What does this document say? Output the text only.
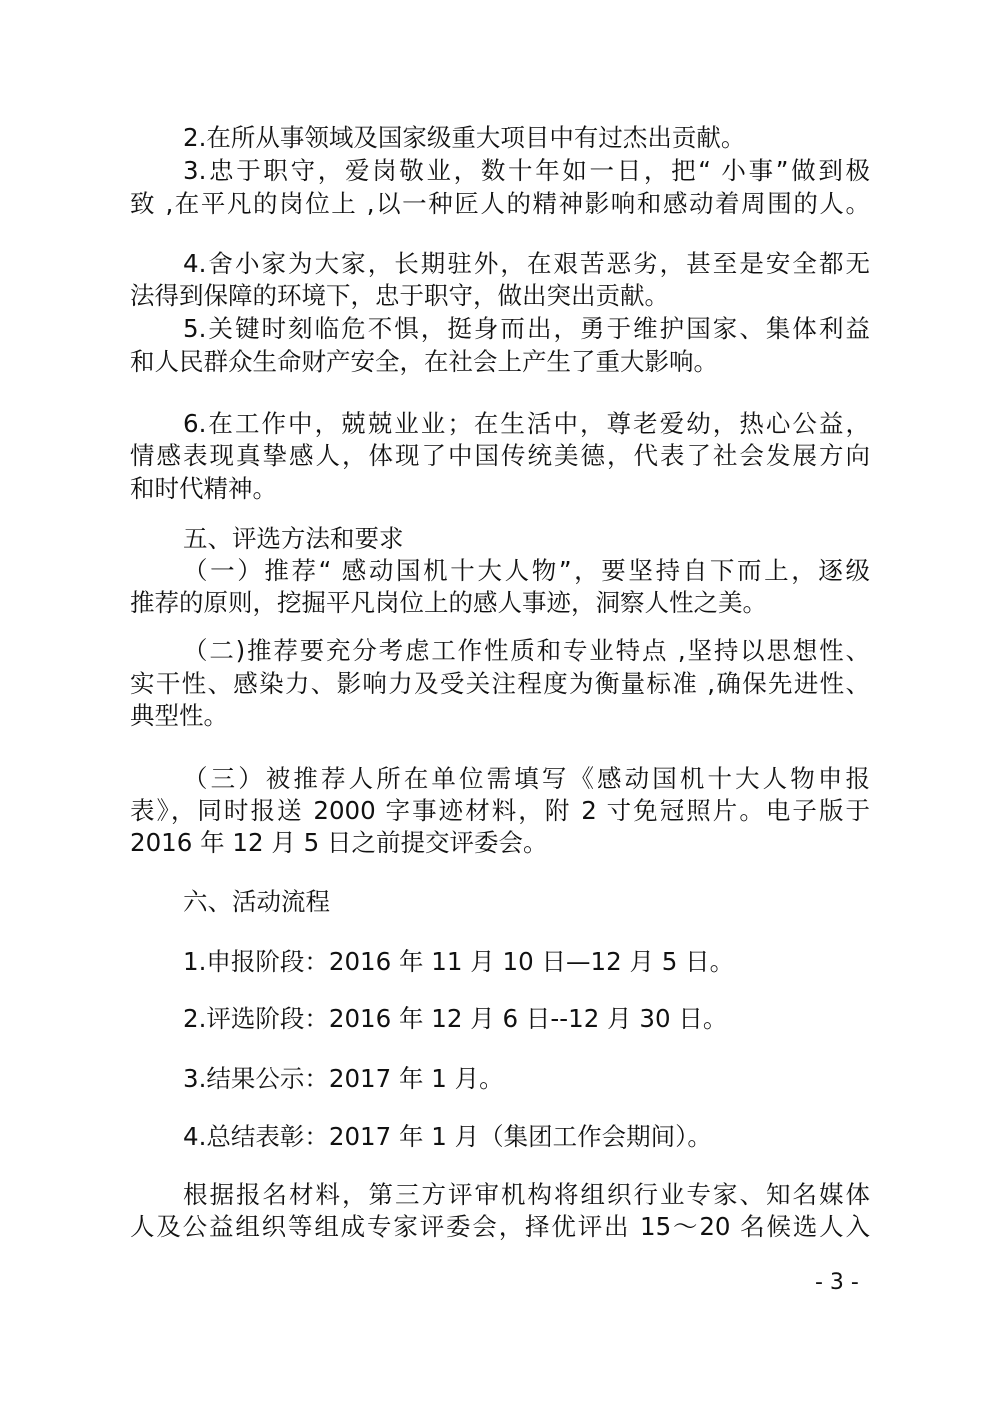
2.在所从事领域及国家级重大项目中有过杰出贡献。
3.忠于职守，爱岗敬业，数十年如一日，把“ 小事”做到极
致 ,在平凡的岗位上 ,以一种匠人的精神影响和感动着周围的人。
4.舍小家为大家，长期驻外，在艰苦恶劣，甚至是安全都无
法得到保障的环境下，忠于职守，做出突出贡献。
5.关键时刻临危不惧，挺身而出，勇于维护国家、集体利益
和人民群众生命财产安全，在社会上产生了重大影响。
6.在工作中，兢兢业业；在生活中，尊老爱幼，热心公益，
情感表现真挚感人，体现了中国传统美德，代表了社会发展方向
和时代精神。
五、评选方法和要求
（一）推荐“ 感动国机十大人物”，要坚持自下而上，逐级
推荐的原则，挖掘平凡岗位上的感人事迹，洞察人性之美。
（二)推荐要充分考虑工作性质和专业特点 ,坚持以思想性、
实干性、感染力、影响力及受关注程度为衡量标准 ,确保先进性、
典型性。
（三）被推荐人所在单位需填写《感动国机十大人物申报
表》，同时报送 2000 字事迹材料，附 2 寸免冠照片。电子版于
2016 年 12 月 5 日之前提交评委会。
六、活动流程
1.申报阶段：2016 年 11 月 10 日—12 月 5 日。
2.评选阶段：2016 年 12 月 6 日--12 月 30 日。
3.结果公示：2017 年 1 月。
4.总结表彰：2017 年 1 月（集团工作会期间）。
根据报名材料，第三方评审机构将组织行业专家、知名媒体
人及公益组织等组成专家评委会，择优评出 15～20 名候选人入
- 3 -
